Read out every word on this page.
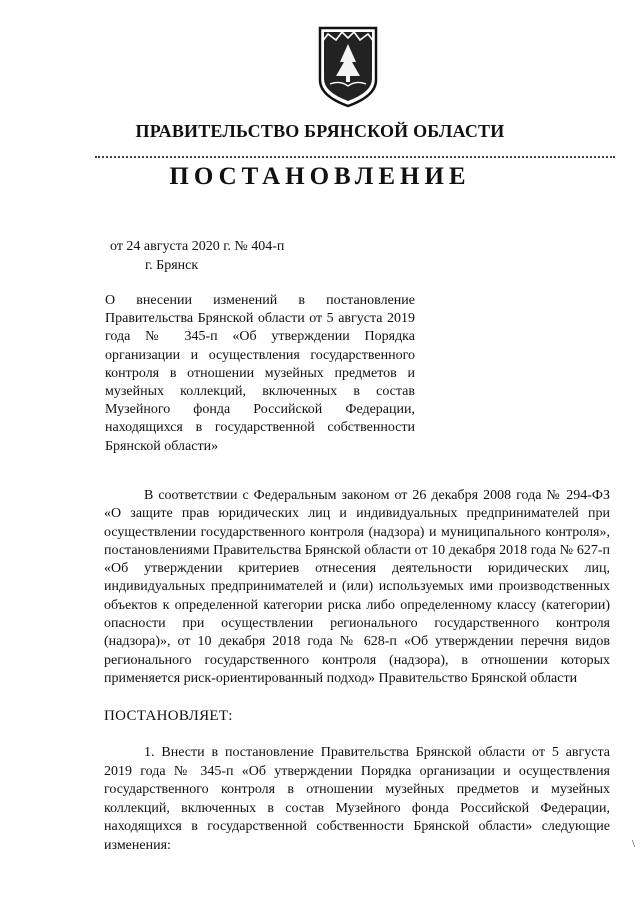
ПРАВИТЕЛЬСТВО БРЯНСКОЙ ОБЛАСТИ
ПОСТАНОВЛЕНИЕ
от 24 августа 2020 г. № 404-п
г. Брянск
О внесении изменений в постановление Правительства Брянской области от 5 августа 2019 года № 345-п «Об утверждении Порядка организации и осуществления государственного контроля в отношении музейных предметов и музейных коллекций, включенных в состав Музейного фонда Российской Федерации, находящихся в государственной собственности Брянской области»
В соответствии с Федеральным законом от 26 декабря 2008 года № 294-ФЗ «О защите прав юридических лиц и индивидуальных предпринимателей при осуществлении государственного контроля (надзора) и муниципального контроля», постановлениями Правительства Брянской области от 10 декабря 2018 года № 627-п «Об утверждении критериев отнесения деятельности юридических лиц, индивидуальных предпринимателей и (или) используемых ими производственных объектов к определенной категории риска либо определенному классу (категории) опасности при осуществлении регионального государственного контроля (надзора)», от 10 декабря 2018 года № 628-п «Об утверждении перечня видов регионального государственного контроля (надзора), в отношении которых применяется риск-ориентированный подход» Правительство Брянской области
ПОСТАНОВЛЯЕТ:
1. Внести в постановление Правительства Брянской области от 5 августа 2019 года № 345-п «Об утверждении Порядка организации и осуществления государственного контроля в отношении музейных предметов и музейных коллекций, включенных в состав Музейного фонда Российской Федерации, находящихся в государственной собственности Брянской области» следующие изменения:	\
